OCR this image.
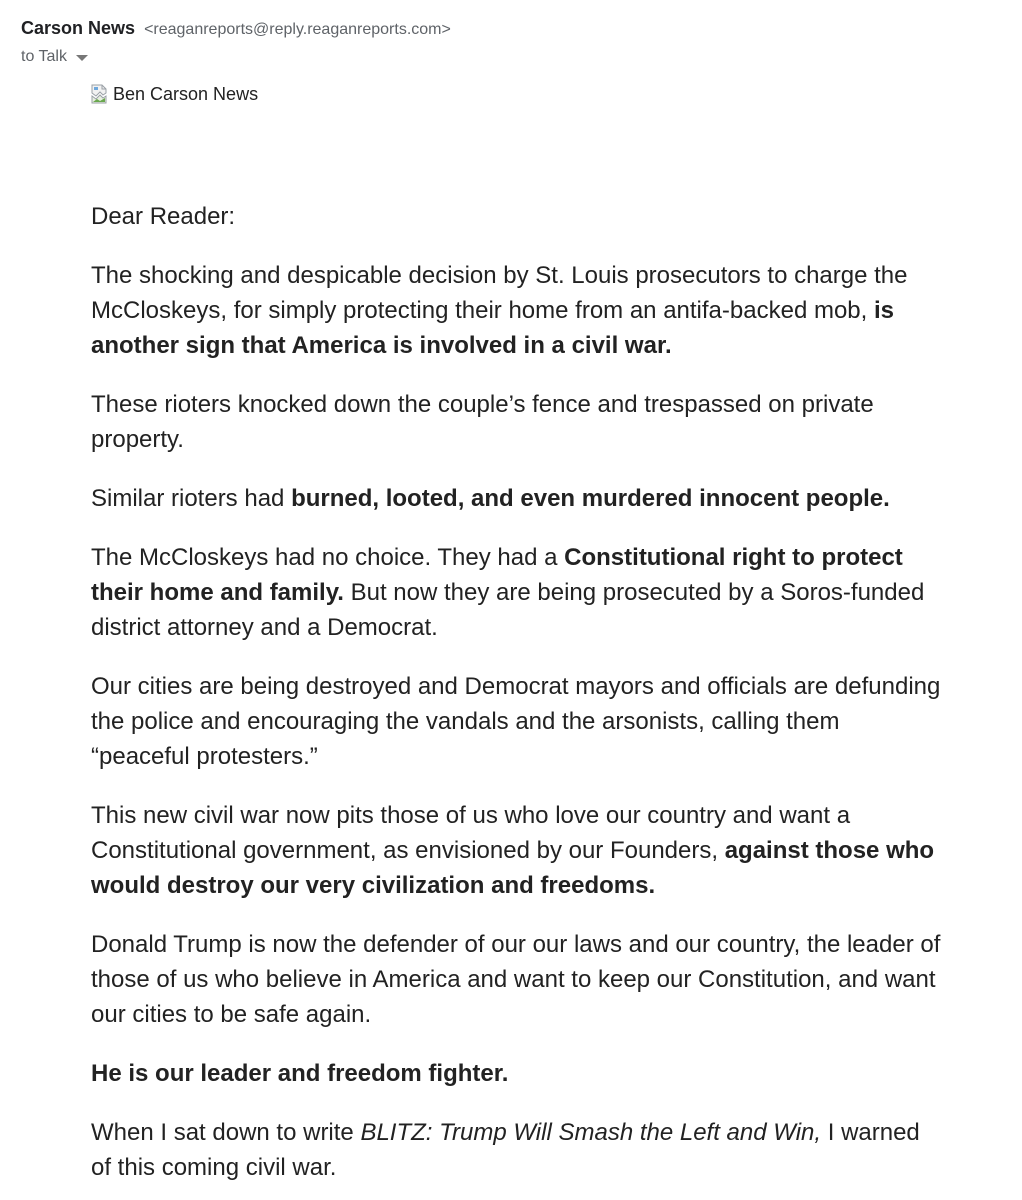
Carson News <reaganreports@reply.reaganreports.com>
to Talk
Ben Carson News

Dear Reader:

The shocking and despicable decision by St. Louis prosecutors to charge the McCloskeys, for simply protecting their home from an antifa-backed mob, is another sign that America is involved in a civil war.

These rioters knocked down the couple’s fence and trespassed on private property.

Similar rioters had burned, looted, and even murdered innocent people.

The McCloskeys had no choice. They had a Constitutional right to protect their home and family. But now they are being prosecuted by a Soros-funded district attorney and a Democrat.

Our cities are being destroyed and Democrat mayors and officials are defunding the police and encouraging the vandals and the arsonists, calling them “peaceful protesters.”

This new civil war now pits those of us who love our country and want a Constitutional government, as envisioned by our Founders, against those who would destroy our very civilization and freedoms.

Donald Trump is now the defender of our our laws and our country, the leader of those of us who believe in America and want to keep our Constitution, and want our cities to be safe again.

He is our leader and freedom fighter.

When I sat down to write BLITZ: Trump Will Smash the Left and Win, I warned of this coming civil war.
